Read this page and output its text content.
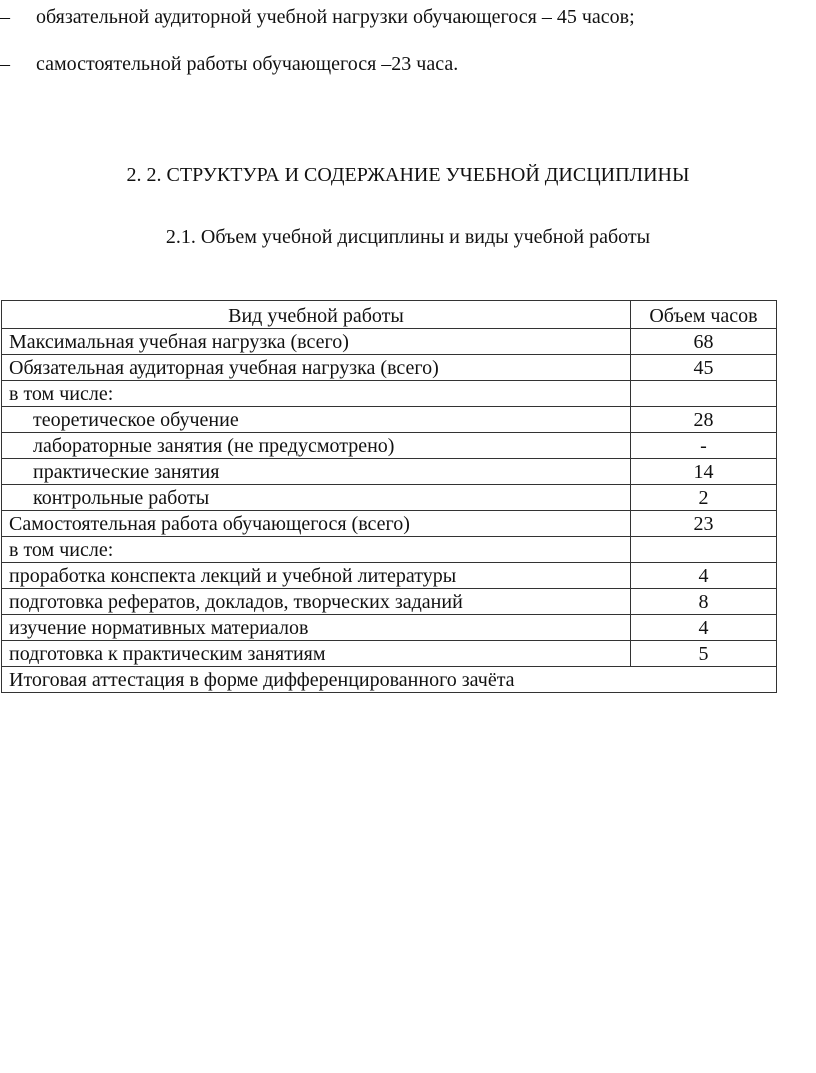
– обязательной аудиторной учебной нагрузки обучающегося – 45 часов;
– самостоятельной работы обучающегося –23 часа.
2. 2. СТРУКТУРА И СОДЕРЖАНИЕ УЧЕБНОЙ ДИСЦИПЛИНЫ
2.1. Объем учебной дисциплины и виды учебной работы
Вид учебной работы	Объем часов
Максимальная учебная нагрузка (всего)	68
Обязательная аудиторная учебная нагрузка (всего)	45
в том числе:	
теоретическое обучение	28
лабораторные занятия (не предусмотрено)	-
практические занятия	14
контрольные работы	2
Самостоятельная работа обучающегося (всего)	23
в том числе:	
проработка конспекта лекций и учебной литературы	4
подготовка рефератов, докладов, творческих заданий	8
изучение нормативных материалов	4
подготовка к практическим занятиям	5
Итоговая аттестация в форме дифференцированного зачёта	
